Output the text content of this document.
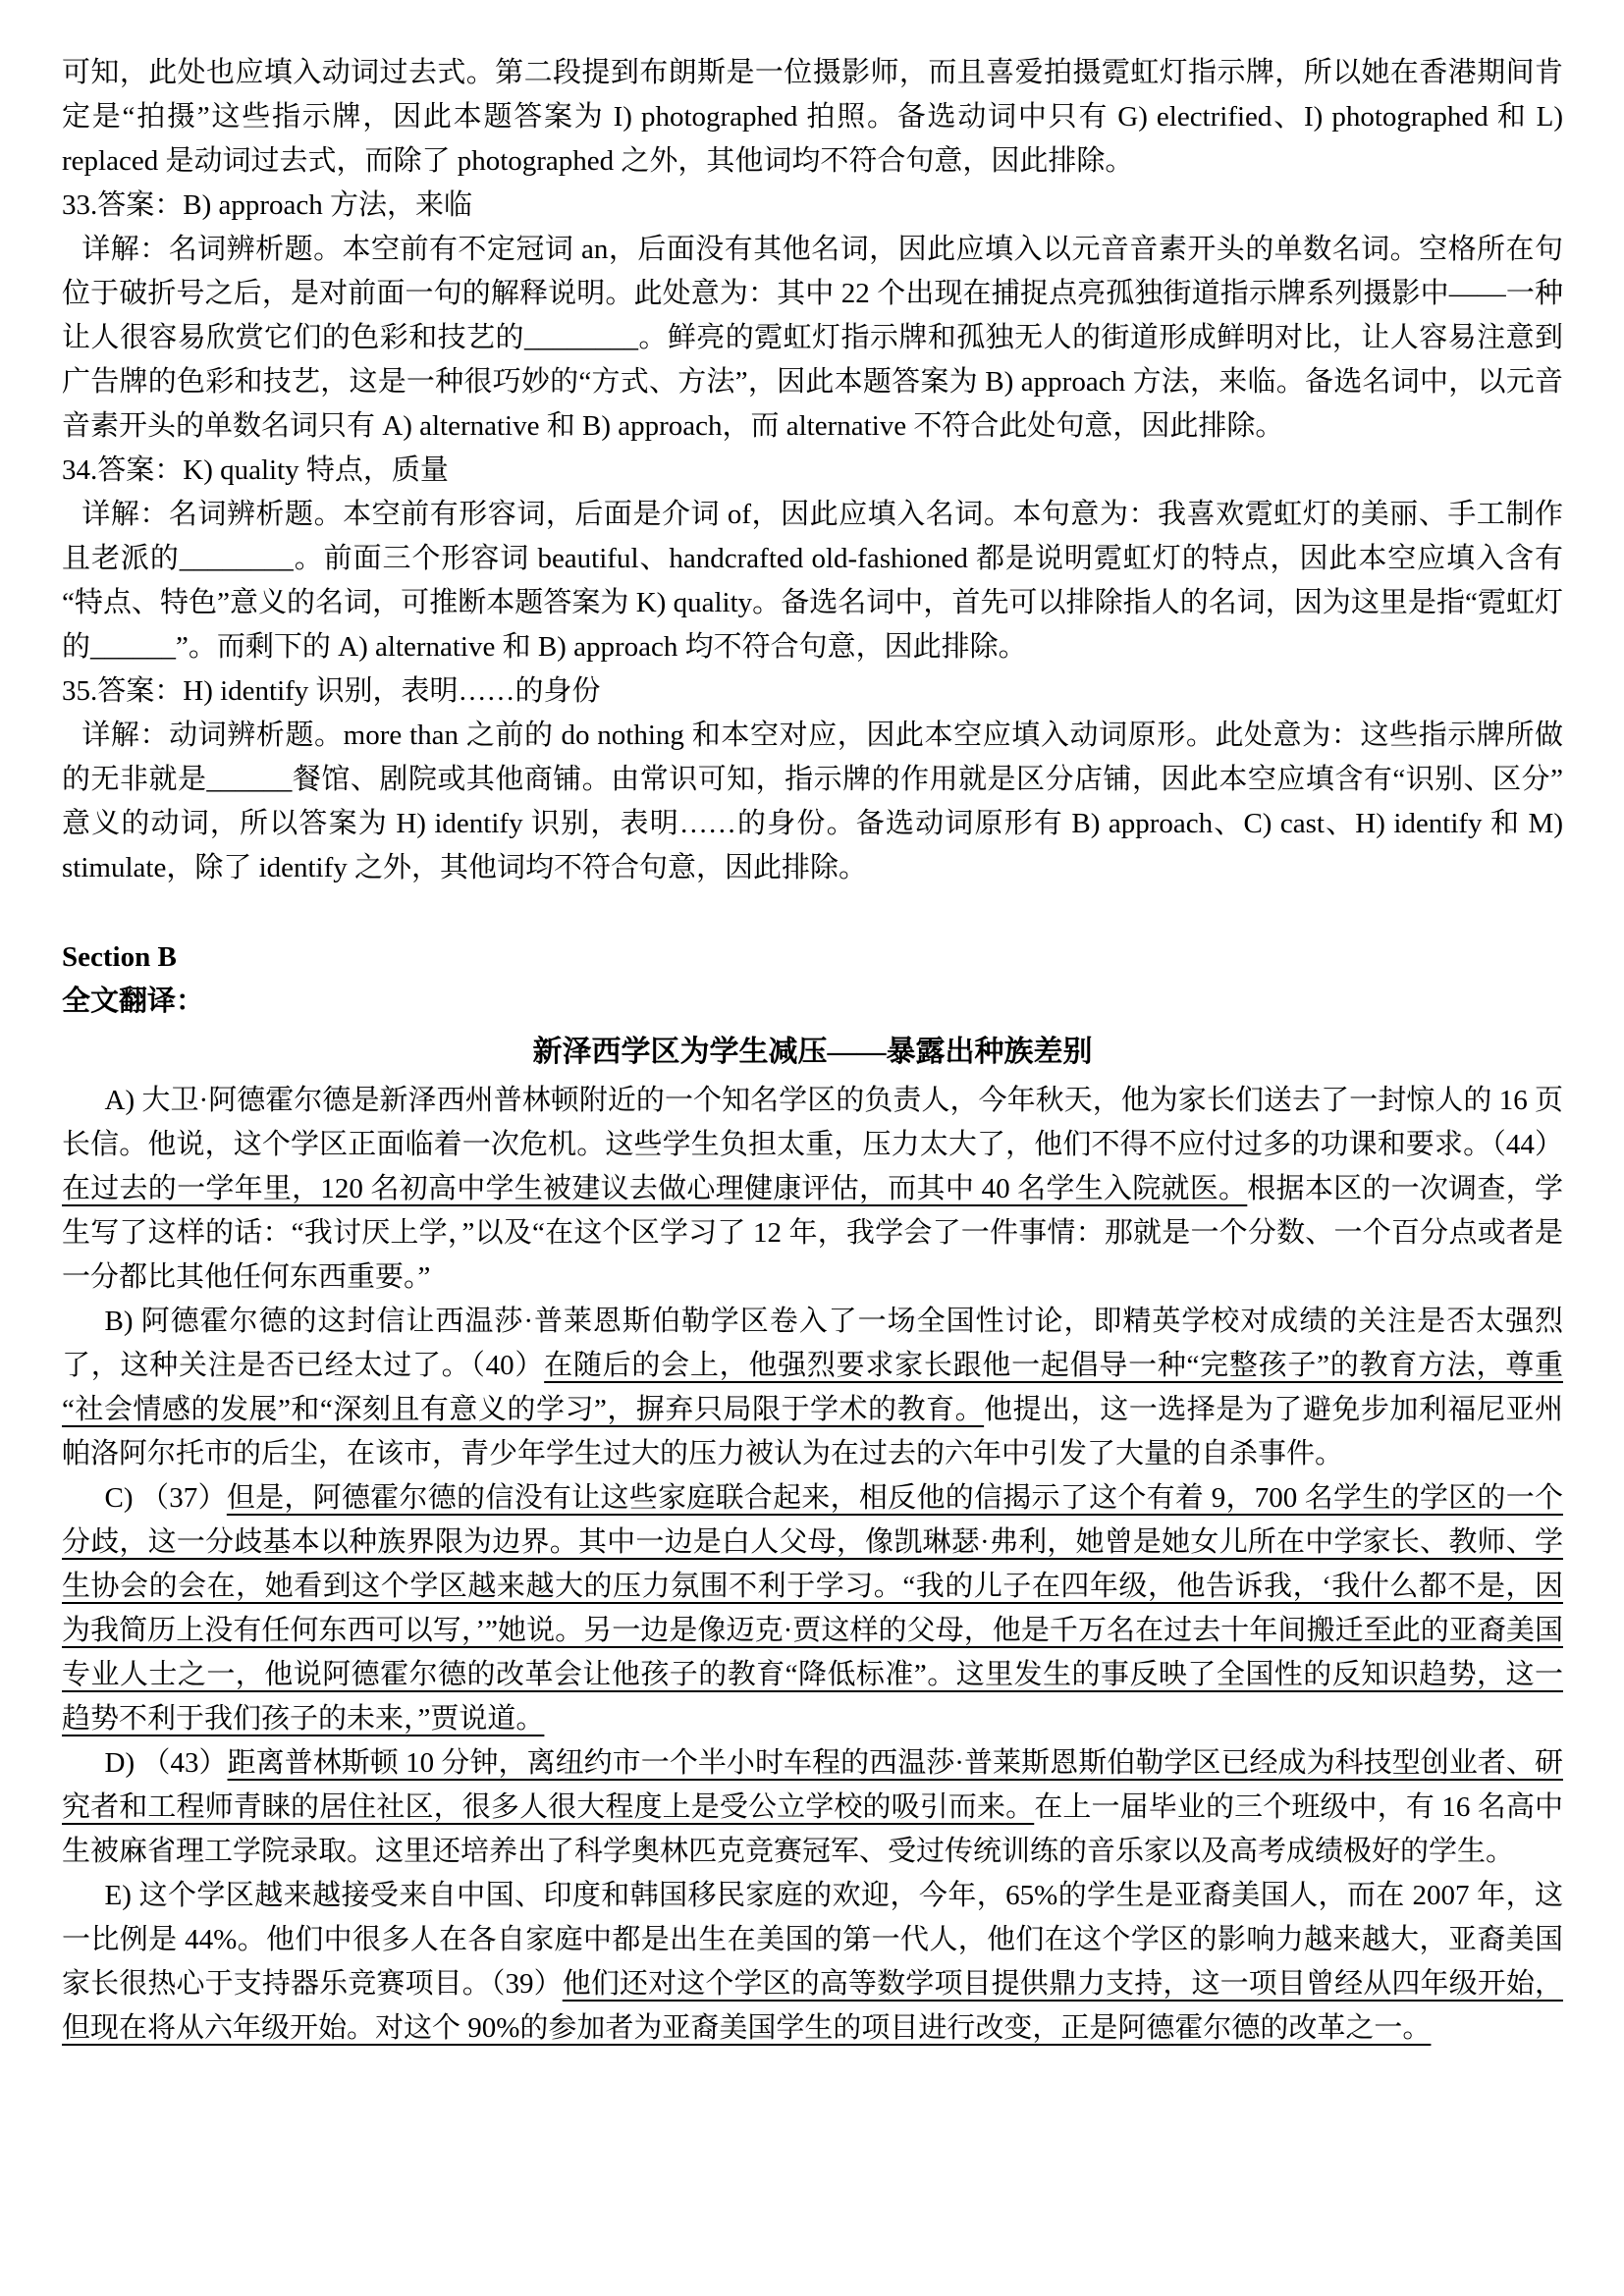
可知，此处也应填入动词过去式。第二段提到布朗斯是一位摄影师，而且喜爱拍摄霓虹灯指示牌，所以她在香港期间肯定是“拍摄”这些指示牌，因此本题答案为 I) photographed 拍照。备选动词中只有 G) electrified、I) photographed 和 L) replaced 是动词过去式，而除了 photographed 之外，其他词均不符合句意，因此排除。

33.答案：B) approach 方法，来临

详解：名词辨析题。本空前有不定冠词 an，后面没有其他名词，因此应填入以元音音素开头的单数名词。空格所在句位于破折号之后，是对前面一句的解释说明。此处意为：其中 22 个出现在捕捉点亮孤独街道指示牌系列摄影中——一种让人很容易欣赏它们的色彩和技艺的________。鲜亮的霓虹灯指示牌和孤独无人的街道形成鲜明对比，让人容易注意到广告牌的色彩和技艺，这是一种很巧妙的“方式、方法”，因此本题答案为 B) approach 方法，来临。备选名词中，以元音音素开头的单数名词只有 A) alternative 和 B) approach，而 alternative 不符合此处句意，因此排除。

34.答案：K) quality 特点，质量

详解：名词辨析题。本空前有形容词，后面是介词 of，因此应填入名词。本句意为：我喜欢霓虹灯的美丽、手工制作且老派的________。前面三个形容词 beautiful、handcrafted old-fashioned 都是说明霓虹灯的特点，因此本空应填入含有“特点、特色”意义的名词，可推断本题答案为 K) quality。备选名词中，首先可以排除指人的名词，因为这里是指“霓虹灯的______”。而剩下的 A) alternative 和 B) approach 均不符合句意，因此排除。

35.答案：H) identify 识别，表明……的身份

详解：动词辨析题。more than 之前的 do nothing 和本空对应，因此本空应填入动词原形。此处意为：这些指示牌所做的无非就是______餐馆、剧院或其他商铺。由常识可知，指示牌的作用就是区分店铺，因此本空应填含有“识别、区分”意义的动词，所以答案为 H) identify 识别，表明……的身份。备选动词原形有 B) approach、C) cast、H) identify 和 M) stimulate，除了 identify 之外，其他词均不符合句意，因此排除。

Section B

全文翻译：

新泽西学区为学生减压——暴露出种族差别

A) 大卫·阿德霍尔德是新泽西州普林顿附近的一个知名学区的负责人，今年秋天，他为家长们送去了一封惊人的 16 页长信。他说，这个学区正面临着一次危机。这些学生负担太重，压力太大了，他们不得不应付过多的功课和要求。（44）在过去的一学年里，120 名初高中学生被建议去做心理健康评估，而其中 40 名学生入院就医。根据本区的一次调查，学生写了这样的话：“我讨厌上学，”以及“在这个区学习了 12 年，我学会了一件事情：那就是一个分数、一个百分点或者是一分都比其他任何东西重要。”

B) 阿德霍尔德的这封信让西温莎·普莱恩斯伯勒学区卷入了一场全国性讨论，即精英学校对成绩的关注是否太强烈了，这种关注是否已经太过了。（40）在随后的会上，他强烈要求家长跟他一起倡导一种“完整孩子”的教育方法，尊重“社会情感的发展”和“深刻且有意义的学习”，摒弃只局限于学术的教育。他提出，这一选择是为了避免步加利福尼亚州帕洛阿尔托市的后尘，在该市，青少年学生过大的压力被认为在过去的六年中引发了大量的自杀事件。

C) （37）但是，阿德霍尔德的信没有让这些家庭联合起来，相反他的信揭示了这个有着 9，700 名学生的学区的一个分歧，这一分歧基本以种族界限为边界。其中一边是白人父母，像凯琳瑟·弗利，她曾是她女儿所在中学家长、教师、学生协会的会在，她看到这个学区越来越大的压力氛围不利于学习。“我的儿子在四年级，他告诉我，‘我什么都不是，因为我简历上没有任何东西可以写，’”她说。另一边是像迈克·贾这样的父母，他是千万名在过去十年间搬迁至此的亚裔美国专业人士之一，他说阿德霍尔德的改革会让他孩子的教育“降低标准”。这里发生的事反映了全国性的反知识趋势，这一趋势不利于我们孩子的未来，”贾说道。

D) （43）距离普林斯顿 10 分钟，离纽约市一个半小时车程的西温莎·普莱斯恩斯伯勒学区已经成为科技型创业者、研究者和工程师青睐的居住社区，很多人很大程度上是受公立学校的吸引而来。在上一届毕业的三个班级中，有 16 名高中生被麻省理工学院录取。这里还培养出了科学奥林匹克竞赛冠军、受过传统训练的音乐家以及高考成绩极好的学生。

E) 这个学区越来越接受来自中国、印度和韩国移民家庭的欢迎，今年，65%的学生是亚裔美国人，而在 2007 年，这一比例是 44%。他们中很多人在各自家庭中都是出生在美国的第一代人，他们在这个学区的影响力越来越大，亚裔美国家长很热心于支持器乐竞赛项目。（39）他们还对这个学区的高等数学项目提供鼎力支持，这一项目曾经从四年级开始，但现在将从六年级开始。对这个 90%的参加者为亚裔美国学生的项目进行改变，正是阿德霍尔德的改革之一。
